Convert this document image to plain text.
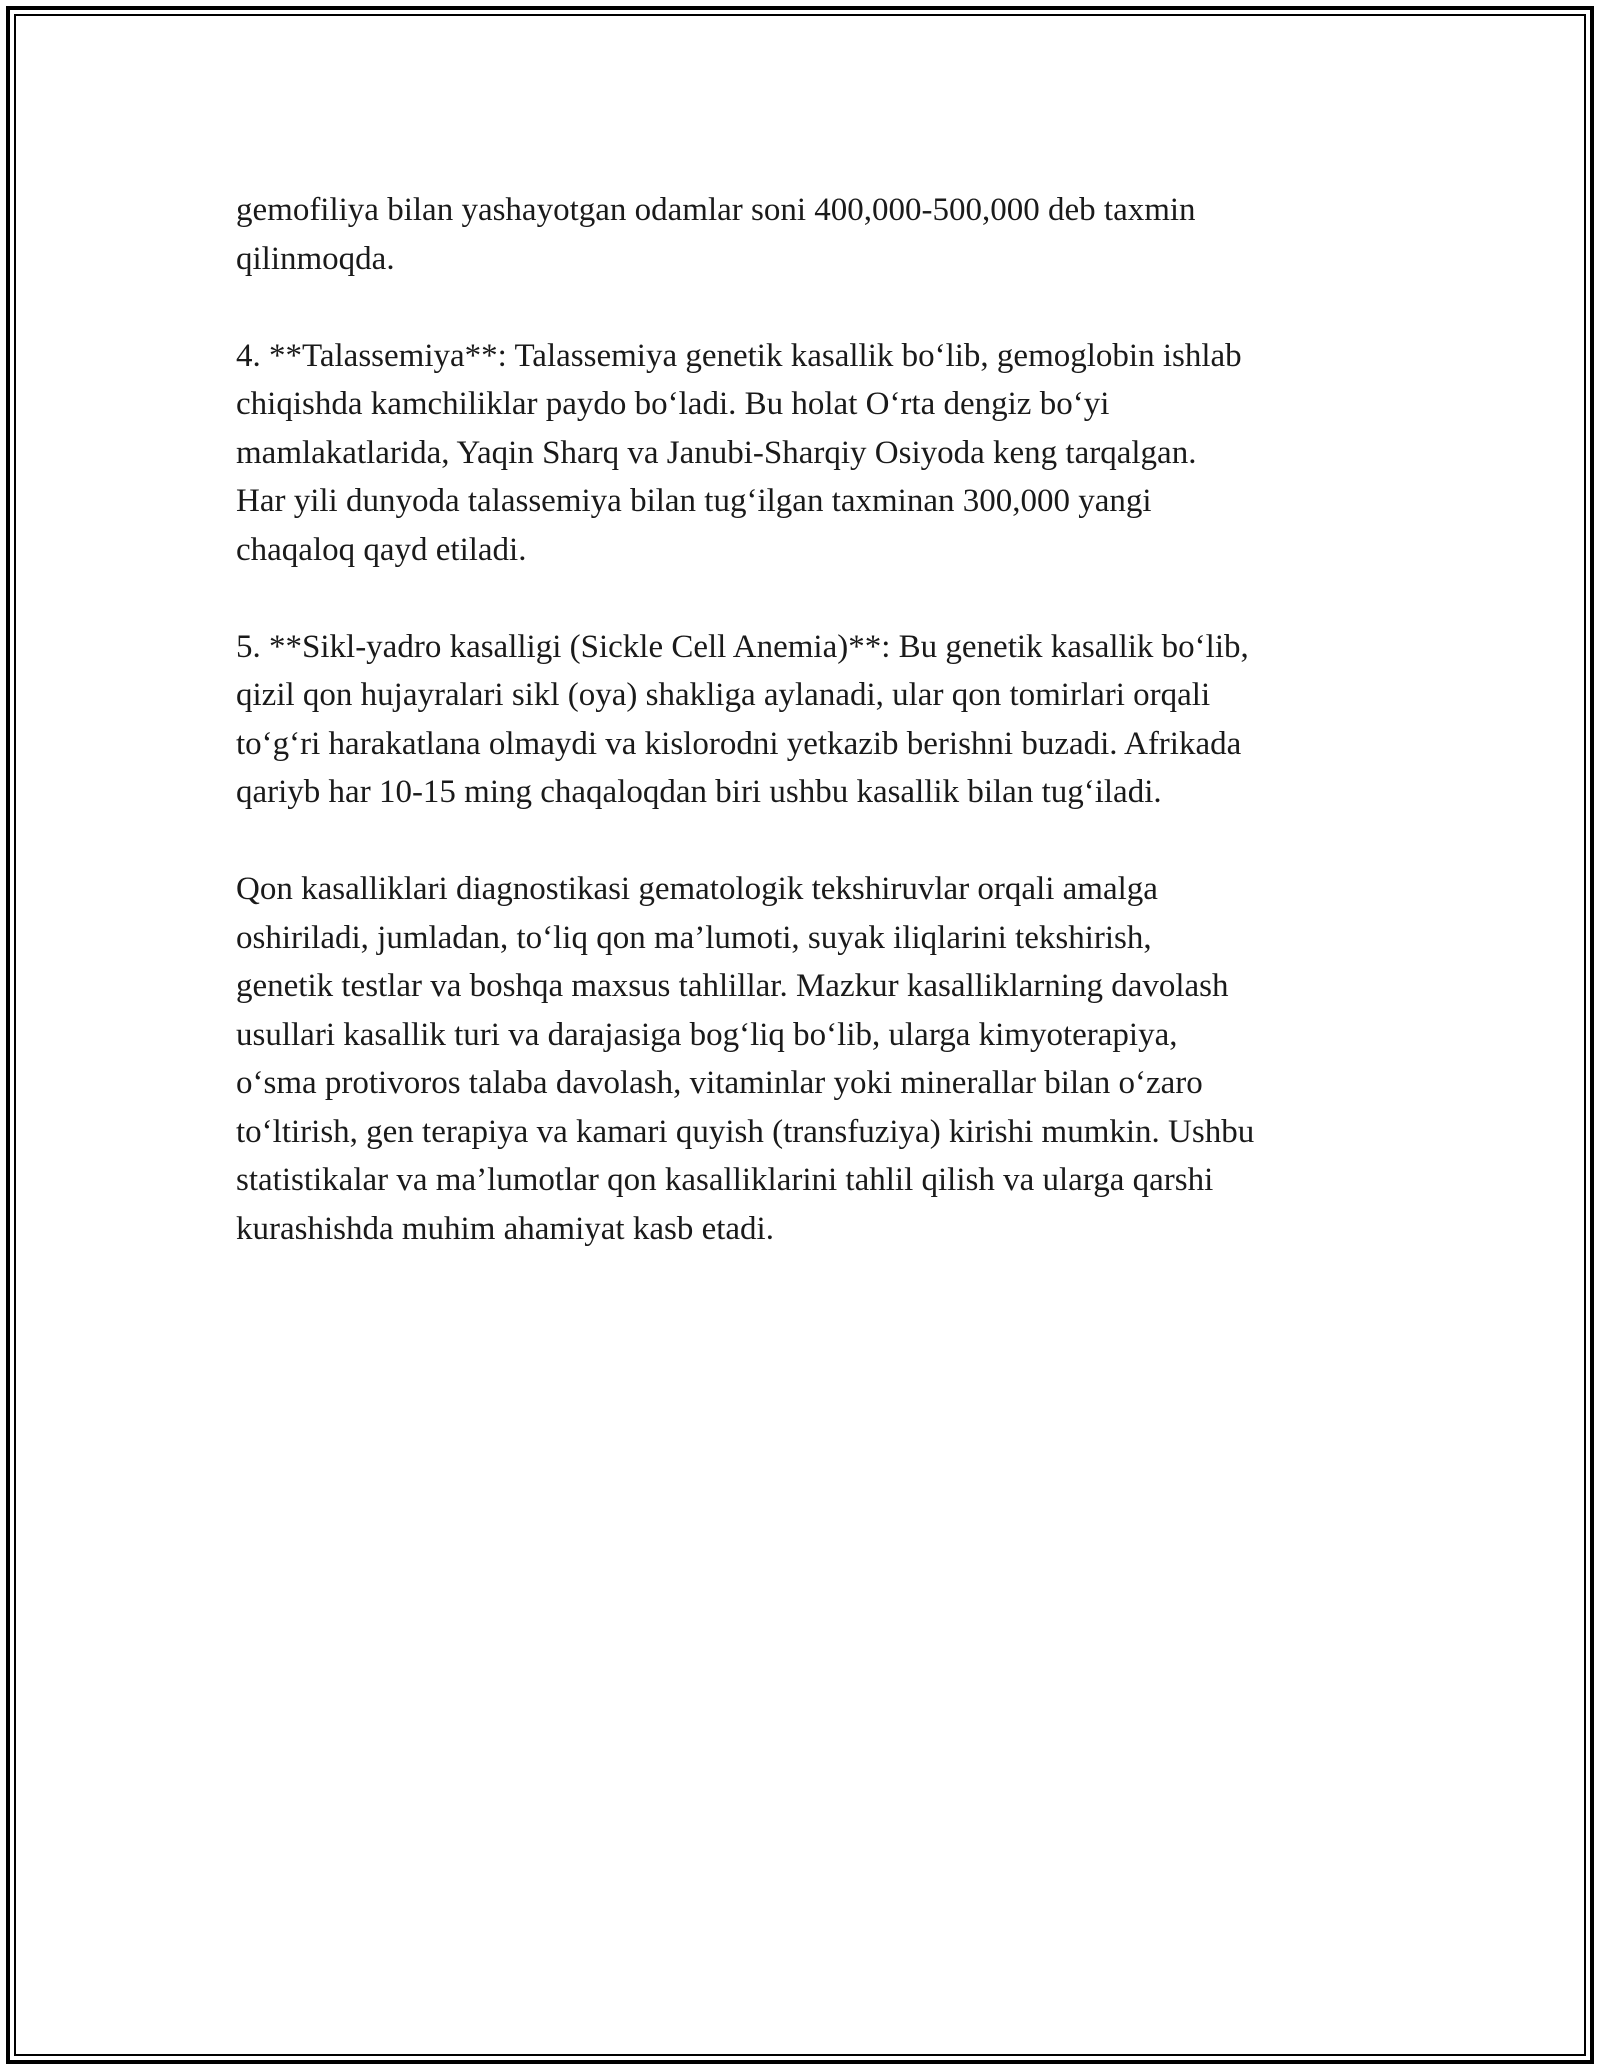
gemofiliya bilan yashayotgan odamlar soni 400,000-500,000 deb taxmin
qilinmoqda.

4. **Talassemiya**: Talassemiya genetik kasallik bo‘lib, gemoglobin ishlab
chiqishda kamchiliklar paydo bo‘ladi. Bu holat O‘rta dengiz bo‘yi
mamlakatlarida, Yaqin Sharq va Janubi-Sharqiy Osiyoda keng tarqalgan.
Har yili dunyoda talassemiya bilan tug‘ilgan taxminan 300,000 yangi
chaqaloq qayd etiladi.

5. **Sikl-yadro kasalligi (Sickle Cell Anemia)**: Bu genetik kasallik bo‘lib,
qizil qon hujayralari sikl (oya) shakliga aylanadi, ular qon tomirlari orqali
to‘g‘ri harakatlana olmaydi va kislorodni yetkazib berishni buzadi. Afrikada
qariyb har 10-15 ming chaqaloqdan biri ushbu kasallik bilan tug‘iladi.

Qon kasalliklari diagnostikasi gematologik tekshiruvlar orqali amalga
oshiriladi, jumladan, to‘liq qon ma’lumoti, suyak iliqlarini tekshirish,
genetik testlar va boshqa maxsus tahlillar. Mazkur kasalliklarning davolash
usullari kasallik turi va darajasiga bog‘liq bo‘lib, ularga kimyoterapiya,
o‘sma protivoros talaba davolash, vitaminlar yoki minerallar bilan o‘zaro
to‘ltirish, gen terapiya va kamari quyish (transfuziya) kirishi mumkin. Ushbu
statistikalar va ma’lumotlar qon kasalliklarini tahlil qilish va ularga qarshi
kurashishda muhim ahamiyat kasb etadi.
